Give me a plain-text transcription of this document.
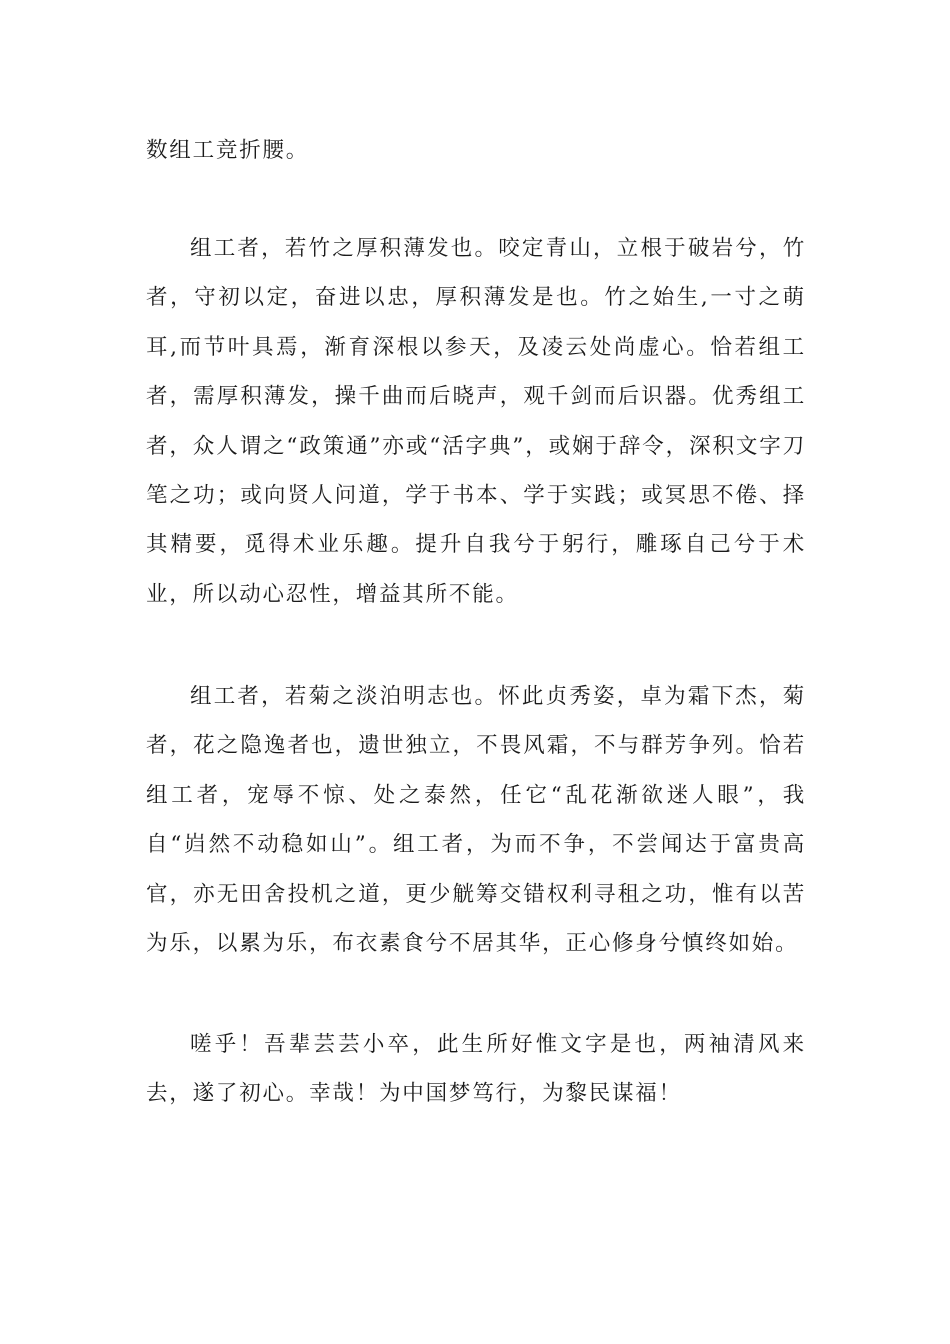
数组工竞折腰。

组工者，若竹之厚积薄发也。咬定青山，立根于破岩兮，竹者，守初以定，奋进以忠，厚积薄发是也。竹之始生,一寸之萌耳,而节叶具焉，渐育深根以参天，及凌云处尚虚心。恰若组工者，需厚积薄发，操千曲而后晓声，观千剑而后识器。优秀组工者，众人谓之“政策通”亦或“活字典”，或娴于辞令，深积文字刀笔之功；或向贤人问道，学于书本、学于实践；或冥思不倦、择其精要，觅得术业乐趣。提升自我兮于躬行，雕琢自己兮于术业，所以动心忍性，增益其所不能。

组工者，若菊之淡泊明志也。怀此贞秀姿，卓为霜下杰，菊者，花之隐逸者也，遗世独立，不畏风霜，不与群芳争列。恰若组工者，宠辱不惊、处之泰然，任它“乱花渐欲迷人眼”，我自“岿然不动稳如山”。组工者，为而不争，不尝闻达于富贵高官，亦无田舍投机之道，更少觥筹交错权利寻租之功，惟有以苦为乐，以累为乐，布衣素食兮不居其华，正心修身兮慎终如始。

嗟乎！吾辈芸芸小卒，此生所好惟文字是也，两袖清风来去，遂了初心。幸哉！为中国梦笃行，为黎民谋福！
